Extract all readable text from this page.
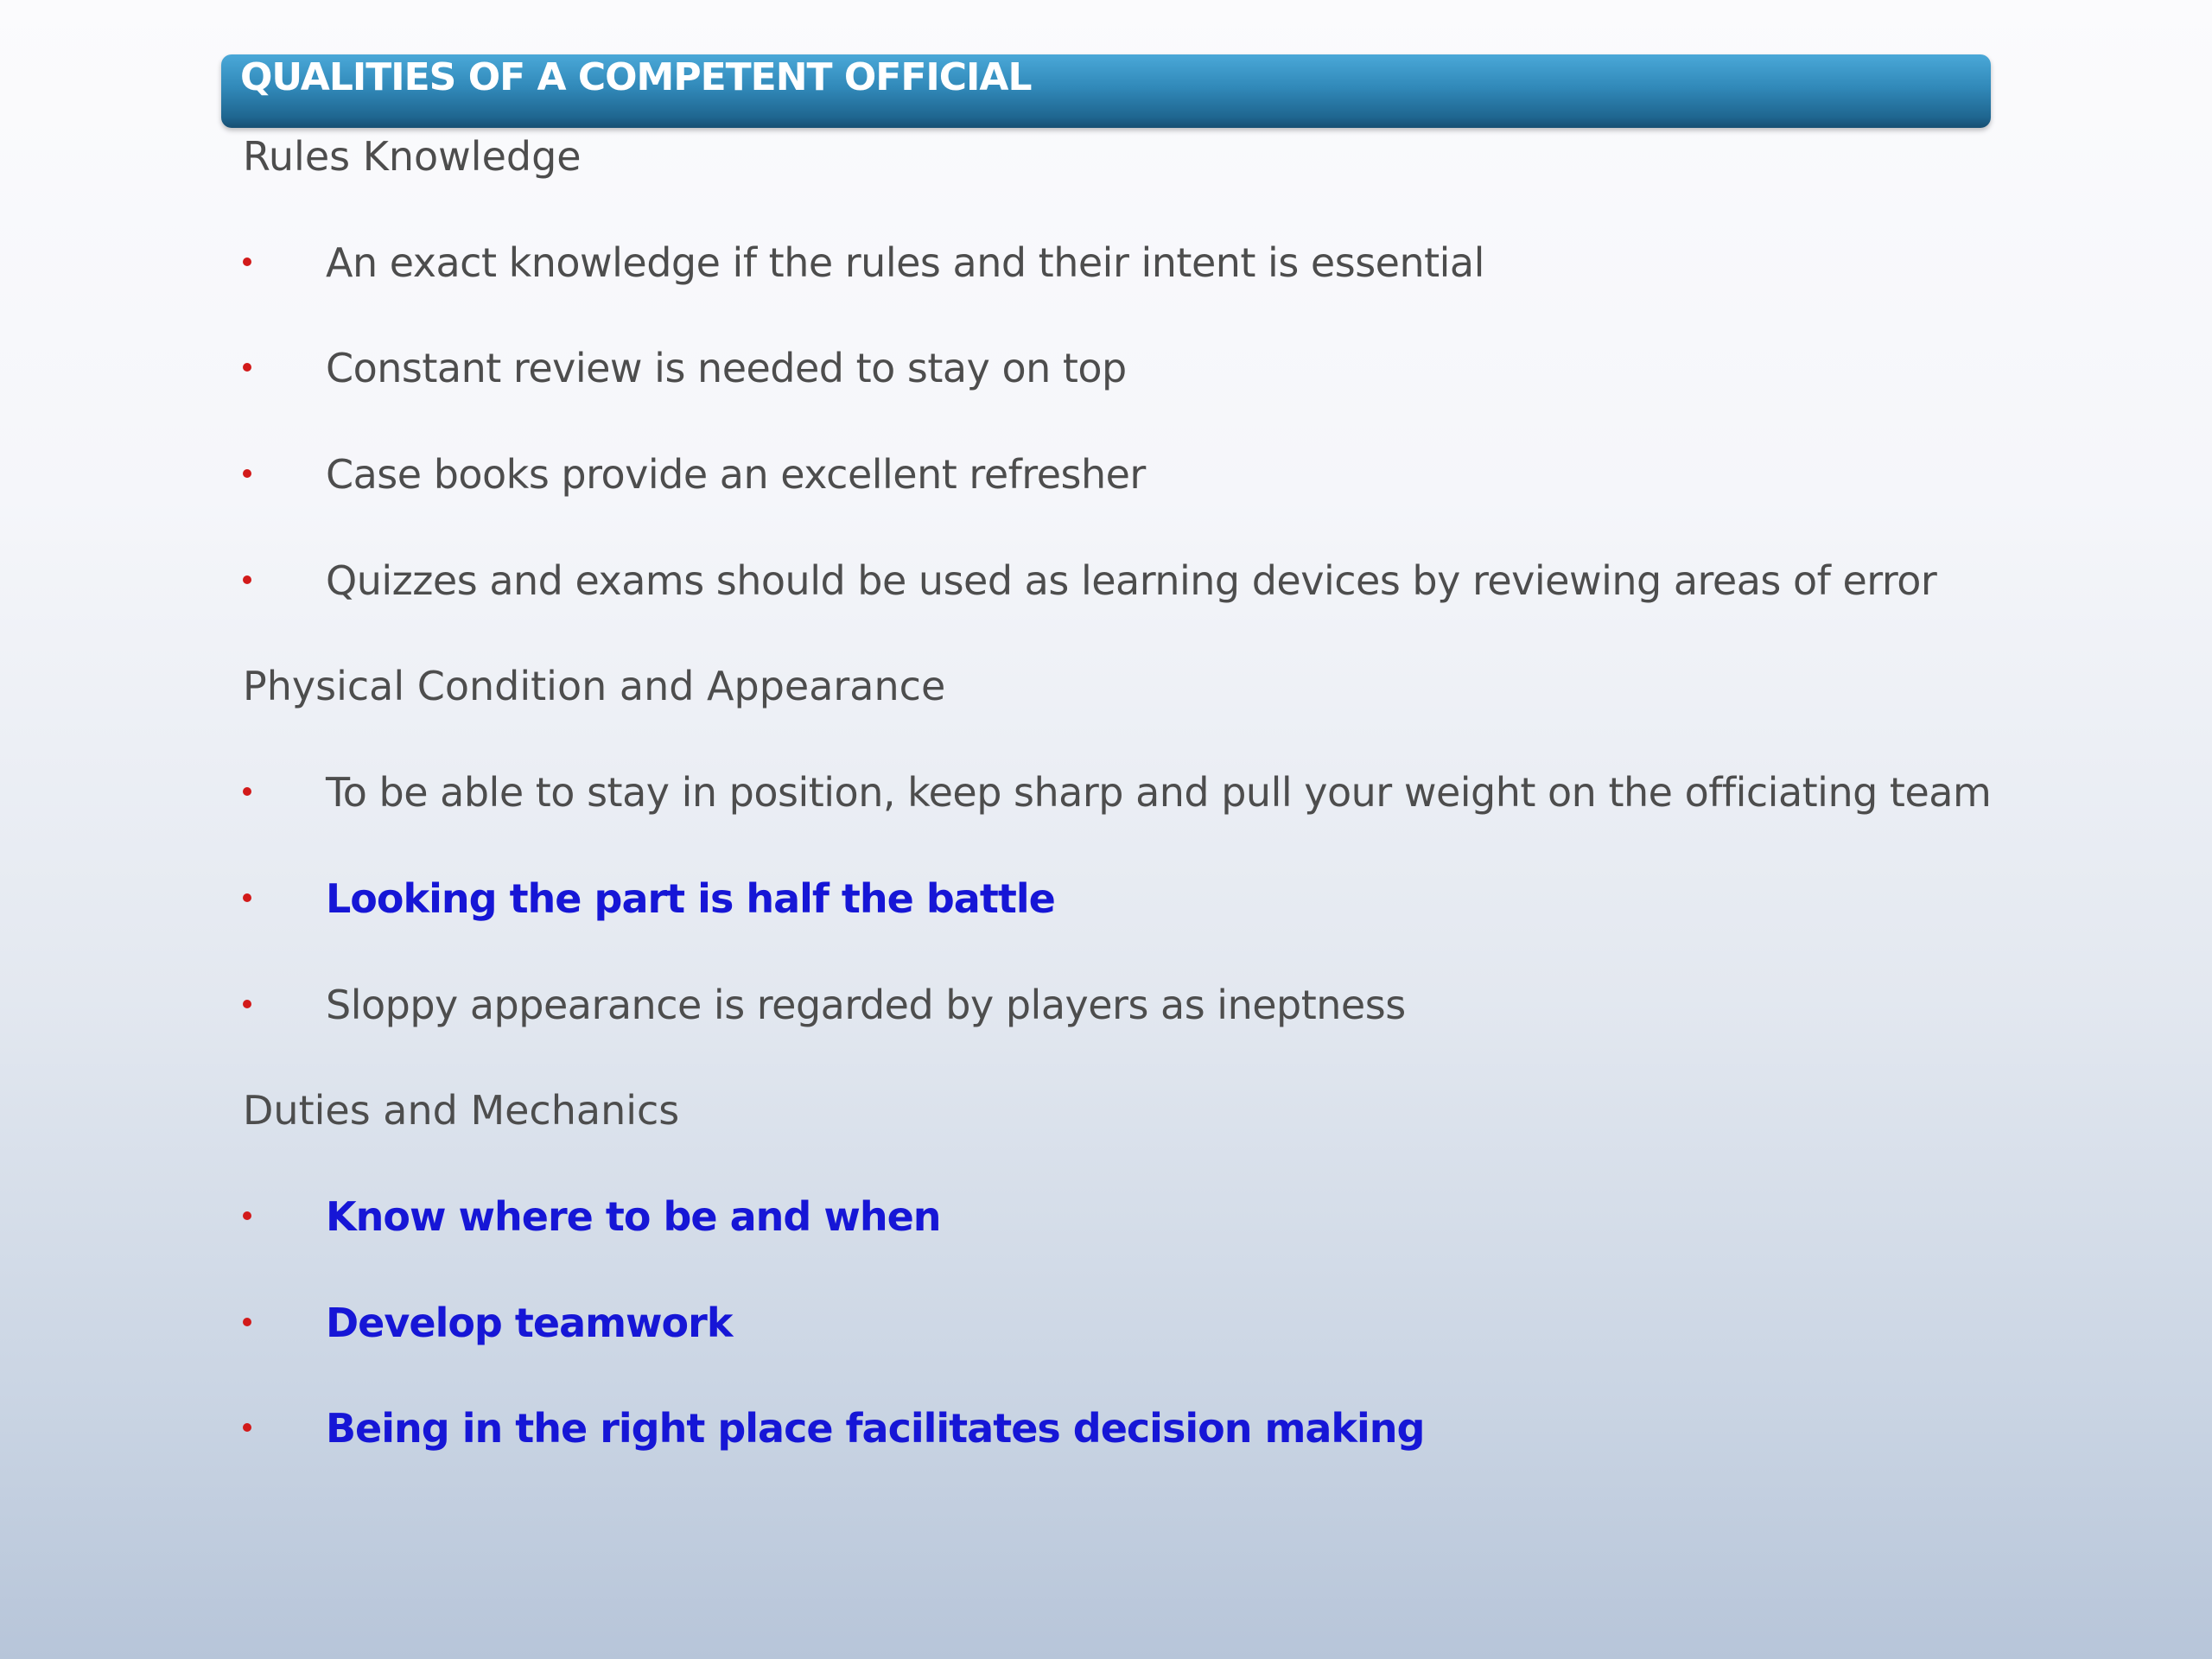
QUALITIES OF A COMPETENT OFFICIAL
Rules Knowledge
An exact knowledge if the rules and their intent is essential
Constant review is needed to stay on top
Case books provide an excellent refresher
Quizzes and exams should be used as learning devices by reviewing areas of error
Physical Condition and Appearance
To be able to stay in position, keep sharp and pull your weight on the officiating team
Looking the part is half the battle
Sloppy appearance is regarded by players as ineptness
Duties and Mechanics
Know where to be and when
Develop teamwork
Being in the right place facilitates decision making
